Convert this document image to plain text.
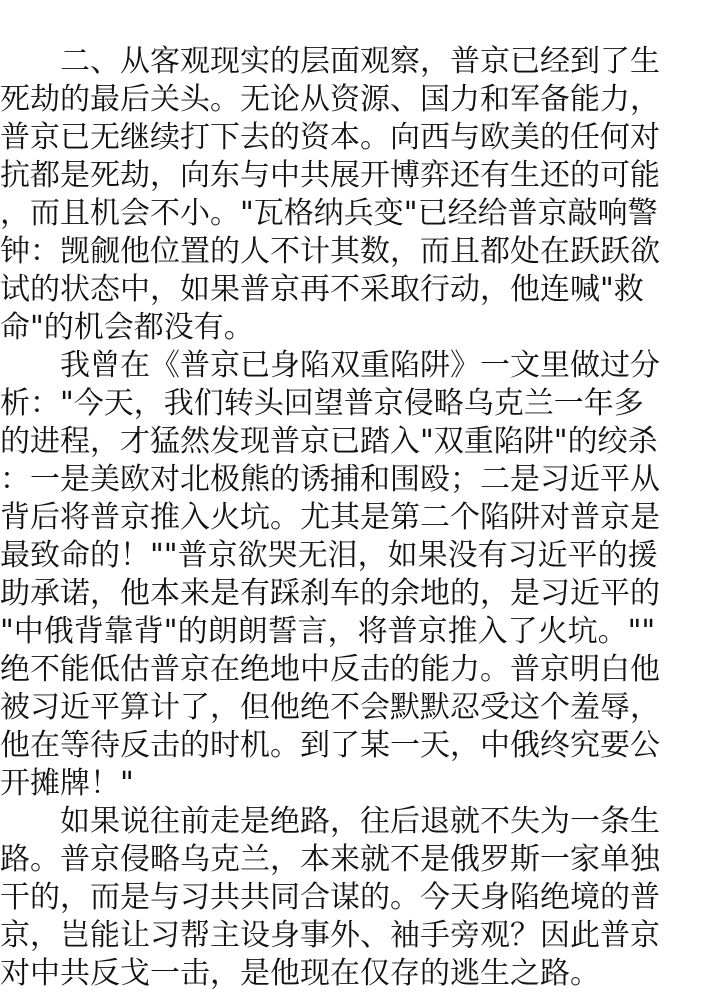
　　二、从客观现实的层面观察，普京已经到了生
死劫的最后关头。无论从资源、国力和军备能力，
普京已无继续打下去的资本。向西与欧美的任何对
抗都是死劫，向东与中共展开博弈还有生还的可能
，而且机会不小。"瓦格纳兵变"已经给普京敲响警
钟：觊觎他位置的人不计其数，而且都处在跃跃欲
试的状态中，如果普京再不采取行动，他连喊"救
命"的机会都没有。
　　我曾在《普京已身陷双重陷阱》一文里做过分
析："今天，我们转头回望普京侵略乌克兰一年多
的进程，才猛然发现普京已踏入"双重陷阱"的绞杀
：一是美欧对北极熊的诱捕和围殴；二是习近平从
背后将普京推入火坑。尤其是第二个陷阱对普京是
最致命的！""普京欲哭无泪，如果没有习近平的援
助承诺，他本来是有踩刹车的余地的，是习近平的
"中俄背靠背"的朗朗誓言，将普京推入了火坑。""
绝不能低估普京在绝地中反击的能力。普京明白他
被习近平算计了，但他绝不会默默忍受这个羞辱，
他在等待反击的时机。到了某一天，中俄终究要公
开摊牌！"
　　如果说往前走是绝路，往后退就不失为一条生
路。普京侵略乌克兰，本来就不是俄罗斯一家单独
干的，而是与习共共同合谋的。今天身陷绝境的普
京，岂能让习帮主设身事外、袖手旁观？因此普京
对中共反戈一击，是他现在仅存的逃生之路。
